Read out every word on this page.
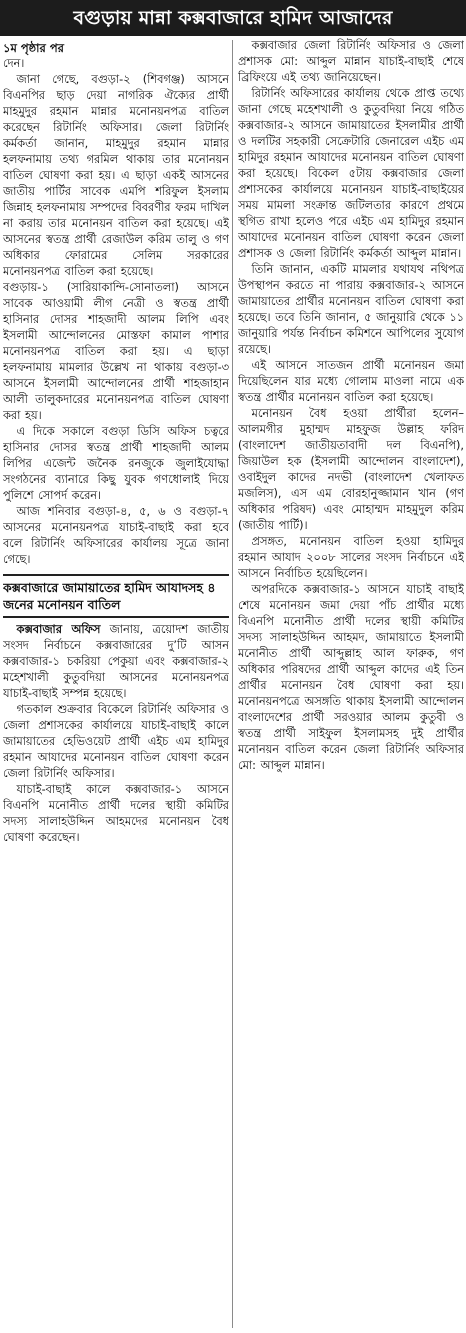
বগুড়ায় মান্না কক্সবাজারে হামিদ আজাদের
১ম পৃষ্ঠার পর

দেন।

জানা গেছে, বগুড়া-২ (শিবগঞ্জ) আসনে বিএনপির ছাড় দেয়া নাগরিক ঐক্যের প্রার্থী মাহমুদুর রহমান মান্নার মনোনয়নপত্র বাতিল করেছেন রিটার্নিং অফিসার। জেলা রিটার্নিং কর্মকর্তা জানান, মাহমুদুর রহমান মান্নার হলফনামায় তথ্য গরমিল থাকায় তার মনোনয়ন বাতিল ঘোষণা করা হয়। এ ছাড়া একই আসনের জাতীয় পার্টির সাবেক এমপি শরিফুল ইসলাম জিন্নাহ হলফনামায় সম্পদের বিবরণীর ফরম দাখিল না করায় তার মনোনয়ন বাতিল করা হয়েছে। এই আসনের স্বতন্ত্র প্রার্থী রেজাউল করিম তালু ও গণ অধিকার ফোরামের সেলিম সরকারের মনোনয়নপত্র বাতিল করা হয়েছে।

বগুড়ায়-১ (সারিয়াকান্দি-সোনাতলা) আসনে সাবেক আওয়ামী লীগ নেত্রী ও স্বতন্ত্র প্রার্থী হাসিনার দোসর শাহজাদী আলম লিপি এবং ইসলামী আন্দোলনের মোস্তফা কামাল পাশার মনোনয়নপত্র বাতিল করা হয়। এ ছাড়া হলফনামায় মামলার উল্লেখ না থাকায় বগুড়া-৩ আসনে ইসলামী আন্দোলনের প্রার্থী শাহজাহান আলী তালুকদারের মনোনয়নপত্র বাতিল ঘোষণা করা হয়।

এ দিকে সকালে বগুড়া ডিসি অফিস চত্বরে হাসিনার দোসর স্বতন্ত্র প্রার্থী শাহজাদী আলম লিপির এজেন্ট জনৈক রনজুকে জুলাইযোদ্ধা সংগঠনের ব্যানারে কিছু যুবক গণধোলাই দিয়ে পুলিশে সোপর্দ করেন।

আজ শনিবার বগুড়া-৪, ৫, ৬ ও বগুড়া-৭ আসনের মনোনয়নপত্র যাচাই-বাছাই করা হবে বলে রিটার্নিং অফিসারের কার্যালয় সূত্রে জানা গেছে।

কক্সবাজারে জামায়াতের হামিদ আযাদসহ ৪ জনের মনোনয়ন বাতিল

কক্সবাজার অফিস জানায়, ত্রয়োদশ জাতীয় সংসদ নির্বাচনে কক্সবাজারের দু’টি আসন কক্সবাজার-১ চকরিয়া পেকুয়া এবং কক্সবাজার-২ মহেশখালী কুতুবদিয়া আসনের মনোনয়নপত্র যাচাই-বাছাই সম্পন্ন হয়েছে।

গতকাল শুক্রবার বিকেলে রিটার্নিং অফিসার ও জেলা প্রশাসকের কার্যালয়ে যাচাই-বাছাই কালে জামায়াতের হেভিওয়েট প্রার্থী এইচ এম হামিদুর রহমান আযাদের মনোনয়ন বাতিল ঘোষণা করেন জেলা রিটার্নিং অফিসার।

যাচাই-বাছাই কালে কক্সবাজার-১ আসনে বিএনপি মনোনীত প্রার্থী দলের স্থায়ী কমিটির সদস্য সালাহউদ্দিন আহমদের মনোনয়ন বৈধ ঘোষণা করেছেন।

কক্সবাজার জেলা রিটার্নিং অফিসার ও জেলা প্রশাসক মো: আব্দুল মান্নান যাচাই-বাছাই শেষে ব্রিফিংয়ে এই তথ্য জানিয়েছেন।

রিটার্নিং অফিসারের কার্যালয় থেকে প্রাপ্ত তথ্যে জানা গেছে মহেশখালী ও কুতুবদিয়া নিয়ে গঠিত কক্সবাজার-২ আসনে জামায়াতের ইসলামীর প্রার্থী ও দলটির সহকারী সেক্রেটারি জেনারেল এইচ এম হামিদুর রহমান আযাদের মনোনয়ন বাতিল ঘোষণা করা হয়েছে। বিকেল ৫টায় কক্সবাজার জেলা প্রশাসকের কার্যালয়ে মনোনয়ন যাচাই-বাছাইয়ের সময় মামলা সংক্রান্ত জটিলতার কারণে প্রথমে স্থগিত রাখা হলেও পরে এইচ এম হামিদুর রহমান আযাদের মনোনয়ন বাতিল ঘোষণা করেন জেলা প্রশাসক ও জেলা রিটার্নিং কর্মকর্তা আব্দুল মান্নান।

তিনি জানান, একটি মামলার যথাযথ নথিপত্র উপস্থাপন করতে না পারায় কক্সবাজার-২ আসনে জামায়াতের প্রার্থীর মনোনয়ন বাতিল ঘোষণা করা হয়েছে। তবে তিনি জানান, ৫ জানুয়ারি থেকে ১১ জানুয়ারি পর্যন্ত নির্বাচন কমিশনে আপিলের সুযোগ রয়েছে।

এই আসনে সাতজন প্রার্থী মনোনয়ন জমা দিয়েছিলেন যার মধ্যে গোলাম মাওলা নামে এক স্বতন্ত্র প্রার্থীর মনোনয়ন বাতিল করা হয়েছে।

মনোনয়ন বৈধ হওয়া প্রার্থীরা হলেন– আলমগীর মুহাম্মদ মাহফুজ উল্লাহ ফরিদ (বাংলাদেশ জাতীয়তাবাদী দল বিএনপি), জিয়াউল হক (ইসলামী আন্দোলন বাংলাদেশ), ওবাইদুল কাদের নদভী (বাংলাদেশ খেলাফত মজলিস), এস এম বোরহানুজ্জামান খান (গণ অধিকার পরিষদ) এবং মোহাম্মদ মাহমুদুল করিম (জাতীয় পার্টি)।

প্রসঙ্গত, মনোনয়ন বাতিল হওয়া হামিদুর রহমান আযাদ ২০০৮ সালের সংসদ নির্বাচনে এই আসনে নির্বাচিত হয়েছিলেন।

অপরদিকে কক্সবাজার-১ আসনে যাচাই বাছাই শেষে মনোনয়ন জমা দেয়া পাঁচ প্রার্থীর মধ্যে বিএনপি মনোনীত প্রার্থী দলের স্থায়ী কমিটির সদস্য সালাহউদ্দিন আহমদ, জামায়াতে ইসলামী মনোনীত প্রার্থী আব্দুল্লাহ আল ফারুক, গণ অধিকার পরিষদের প্রার্থী আব্দুল কাদের এই তিন প্রার্থীর মনোনয়ন বৈধ ঘোষণা করা হয়। মনোনয়নপত্রে অসঙ্গতি থাকায় ইসলামী আন্দোলন বাংলাদেশের প্রার্থী সরওয়ার আলম কুতুবী ও স্বতন্ত্র প্রার্থী সাইফুল ইসলামসহ দুই প্রার্থীর মনোনয়ন বাতিল করেন জেলা রিটার্নিং অফিসার মো: আব্দুল মান্নান।
